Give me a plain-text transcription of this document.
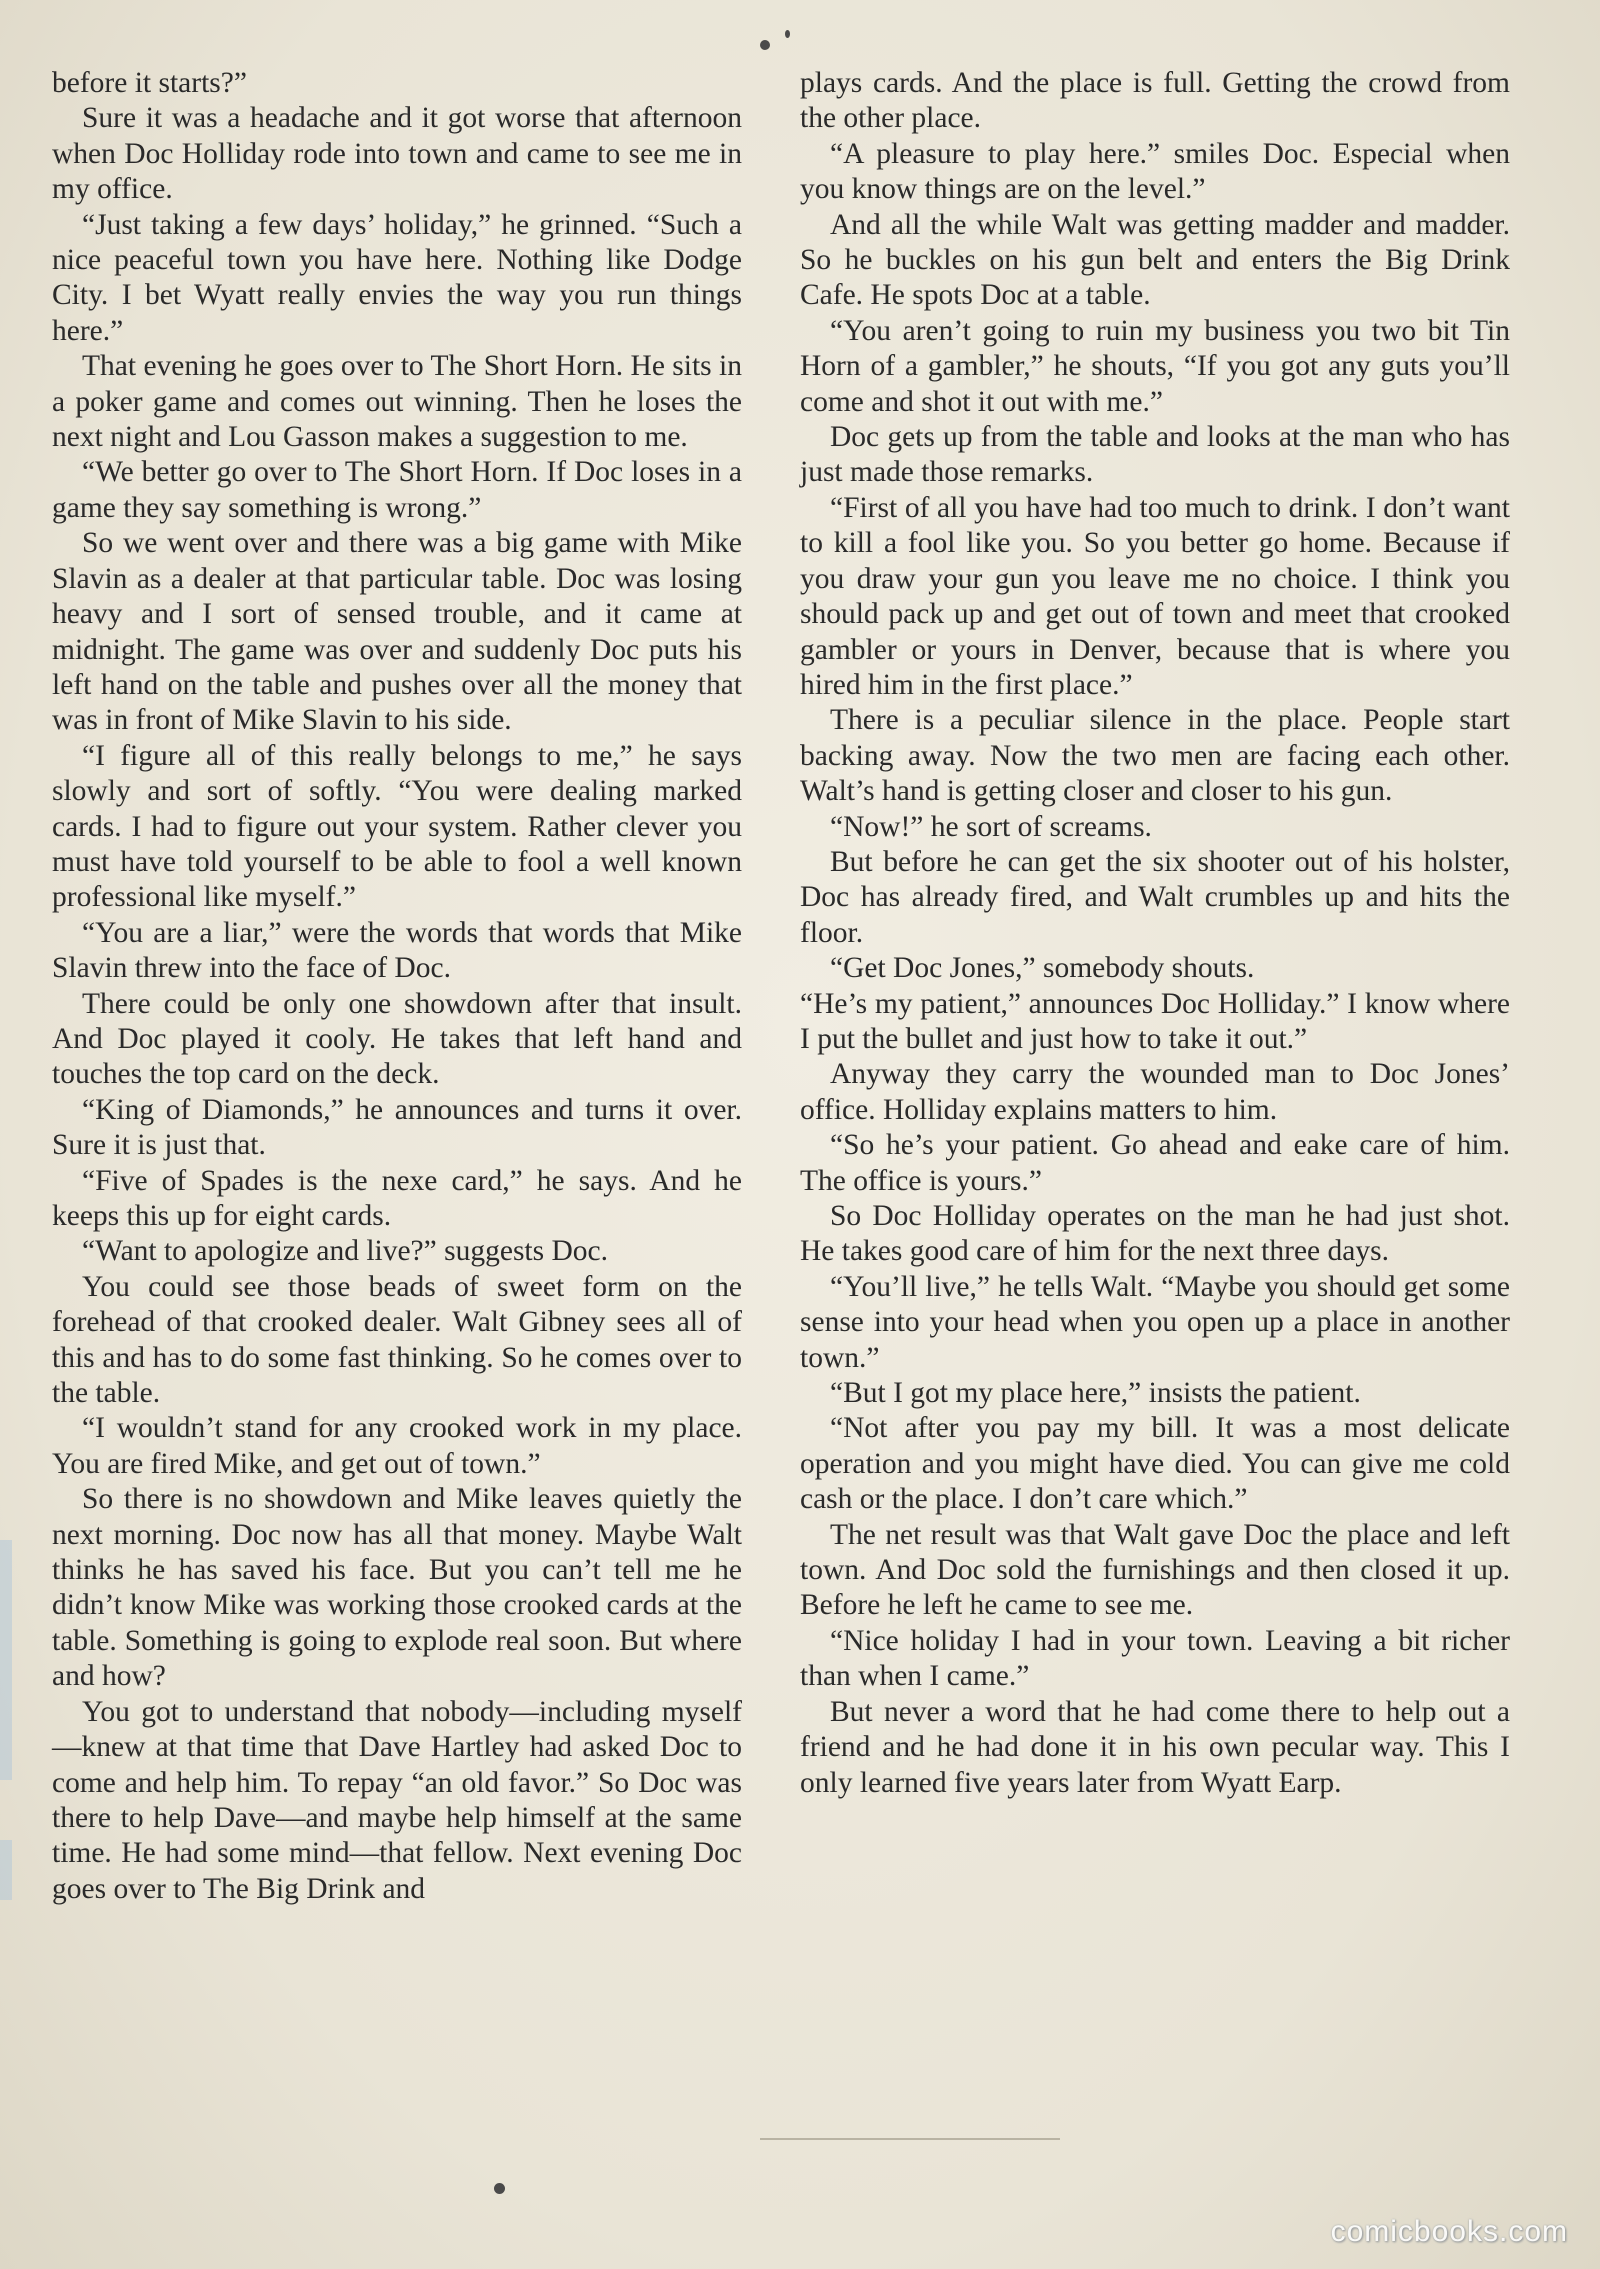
before it starts?”

Sure it was a headache and it got worse that afternoon when Doc Holliday rode into town and came to see me in my office.

“Just taking a few days’ holiday,” he grinned. “Such a nice peaceful town you have here. Nothing like Dodge City. I bet Wyatt really envies the way you run things here.”

That evening he goes over to The Short Horn. He sits in a poker game and comes out winning. Then he loses the next night and Lou Gasson makes a suggestion to me.

“We better go over to The Short Horn. If Doc loses in a game they say something is wrong.”

So we went over and there was a big game with Mike Slavin as a dealer at that particular table. Doc was losing heavy and I sort of sensed trouble, and it came at midnight. The game was over and suddenly Doc puts his left hand on the table and pushes over all the money that was in front of Mike Slavin to his side.

“I figure all of this really belongs to me,” he says slowly and sort of softly. “You were dealing marked cards. I had to figure out your system. Rather clever you must have told yourself to be able to fool a well known professional like myself.”

“You are a liar,” were the words that words that Mike Slavin threw into the face of Doc.

There could be only one showdown after that insult. And Doc played it cooly. He takes that left hand and touches the top card on the deck.

“King of Diamonds,” he announces and turns it over. Sure it is just that.

“Five of Spades is the nexe card,” he says. And he keeps this up for eight cards.

“Want to apologize and live?” suggests Doc.

You could see those beads of sweet form on the forehead of that crooked dealer. Walt Gibney sees all of this and has to do some fast thinking. So he comes over to the table.

“I wouldn’t stand for any crooked work in my place. You are fired Mike, and get out of town.”

So there is no showdown and Mike leaves quietly the next morning. Doc now has all that money. Maybe Walt thinks he has saved his face. But you can’t tell me he didn’t know Mike was working those crooked cards at the table. Something is going to explode real soon. But where and how?

You got to understand that nobody—including myself—knew at that time that Dave Hartley had asked Doc to come and help him. To repay “an old favor.” So Doc was there to help Dave—and maybe help himself at the same time. He had some mind—that fellow. Next evening Doc goes over to The Big Drink and

plays cards. And the place is full. Getting the crowd from the other place.

“A pleasure to play here.” smiles Doc. Especial when you know things are on the level.”

And all the while Walt was getting madder and madder. So he buckles on his gun belt and enters the Big Drink Cafe. He spots Doc at a table.

“You aren’t going to ruin my business you two bit Tin Horn of a gambler,” he shouts, “If you got any guts you’ll come and shot it out with me.”

Doc gets up from the table and looks at the man who has just made those remarks.

“First of all you have had too much to drink. I don’t want to kill a fool like you. So you better go home. Because if you draw your gun you leave me no choice. I think you should pack up and get out of town and meet that crooked gambler or yours in Denver, because that is where you hired him in the first place.”

There is a peculiar silence in the place. People start backing away. Now the two men are facing each other. Walt’s hand is getting closer and closer to his gun.

“Now!” he sort of screams.

But before he can get the six shooter out of his holster, Doc has already fired, and Walt crumbles up and hits the floor.

“Get Doc Jones,” somebody shouts.

“He’s my patient,” announces Doc Holliday.” I know where I put the bullet and just how to take it out.”

Anyway they carry the wounded man to Doc Jones’ office. Holliday explains matters to him.

“So he’s your patient. Go ahead and eake care of him. The office is yours.”

So Doc Holliday operates on the man he had just shot. He takes good care of him for the next three days.

“You’ll live,” he tells Walt. “Maybe you should get some sense into your head when you open up a place in another town.”

“But I got my place here,” insists the patient.

“Not after you pay my bill. It was a most delicate operation and you might have died. You can give me cold cash or the place. I don’t care which.”

The net result was that Walt gave Doc the place and left town. And Doc sold the furnishings and then closed it up. Before he left he came to see me.

“Nice holiday I had in your town. Leaving a bit richer than when I came.”

But never a word that he had come there to help out a friend and he had done it in his own pecular way. This I only learned five years later from Wyatt Earp.

comicbooks.com
